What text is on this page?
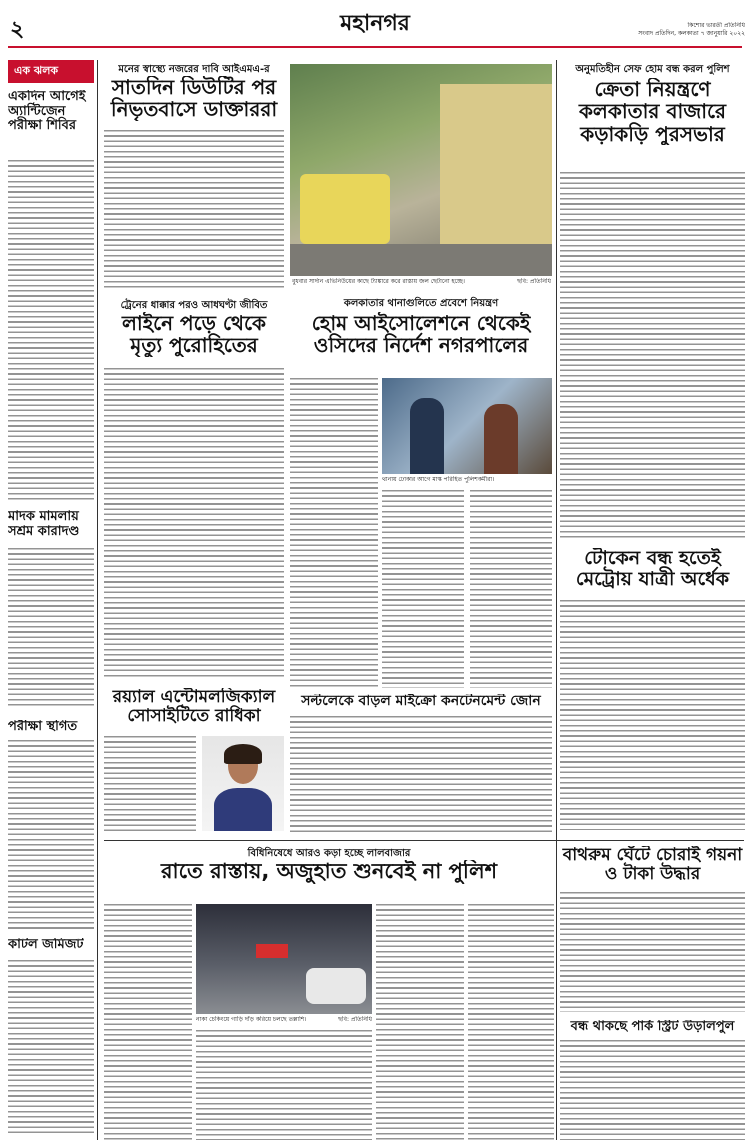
২	মহানগর	কিশোর ভারতী প্রতিনিধি
সংবাদ প্রতিদিন, কলকাতা ৭ জানুয়ারি ২০২২
এক ঝলক
একদিন আগেই অ্যান্টিজেন পরীক্ষা শিবির
মাদক মামলায় সশ্রম কারাদণ্ড
পরীক্ষা স্থগিত
কাটল জমিজট
মনের স্বাস্থ্যে নজরের দাবি আইএমএ-র
সাতদিন ডিউটির পর নিভৃতবাসে ডাক্তাররা
ট্রেনের ধাক্কার পরও আধঘণ্টা জীবিত
লাইনে পড়ে থেকে মৃত্যু পুরোহিতের
রয়্যাল এন্টোমলজিক্যাল সোসাইটিতে রাধিকা
বুধবার সার্দান এভিনিউয়ের কাছে ট্যাঙ্কারে করে রাস্তায় জল ছেটানো হচ্ছে।	ছবি: প্রতিনিধি
কলকাতার থানাগুলিতে প্রবেশে নিয়ন্ত্রণ
হোম আইসোলেশনে থেকেই ওসিদের নির্দেশ নগরপালের
থানায় ঢোকার আগে মাস্ক পরিহিত পুলিশকর্মীরা।
সল্টলেকে বাড়ল মাইক্রো কনটেনমেন্ট জোন
অনুমতিহীন সেফ হোম বন্ধ করল পুলিশ
ক্রেতা নিয়ন্ত্রণে কলকাতার বাজারে কড়াকড়ি পুরসভার
টোকেন বন্ধ হতেই মেট্রোয় যাত্রী অর্ধেক
বিধিনিষেধে আরও কড়া হচ্ছে লালবাজার
রাতে রাস্তায়, অজুহাত শুনবেই না পুলিশ
নাকা চেকিংয়ে গাড়ি দাঁড় করিয়ে চলছে তল্লাশি।	ছবি: প্রতিনিধি
বাথরুম ঘেঁটে চোরাই গয়না ও টাকা উদ্ধার
বন্ধ থাকছে পার্ক স্ট্রিট উড়ালপুল
